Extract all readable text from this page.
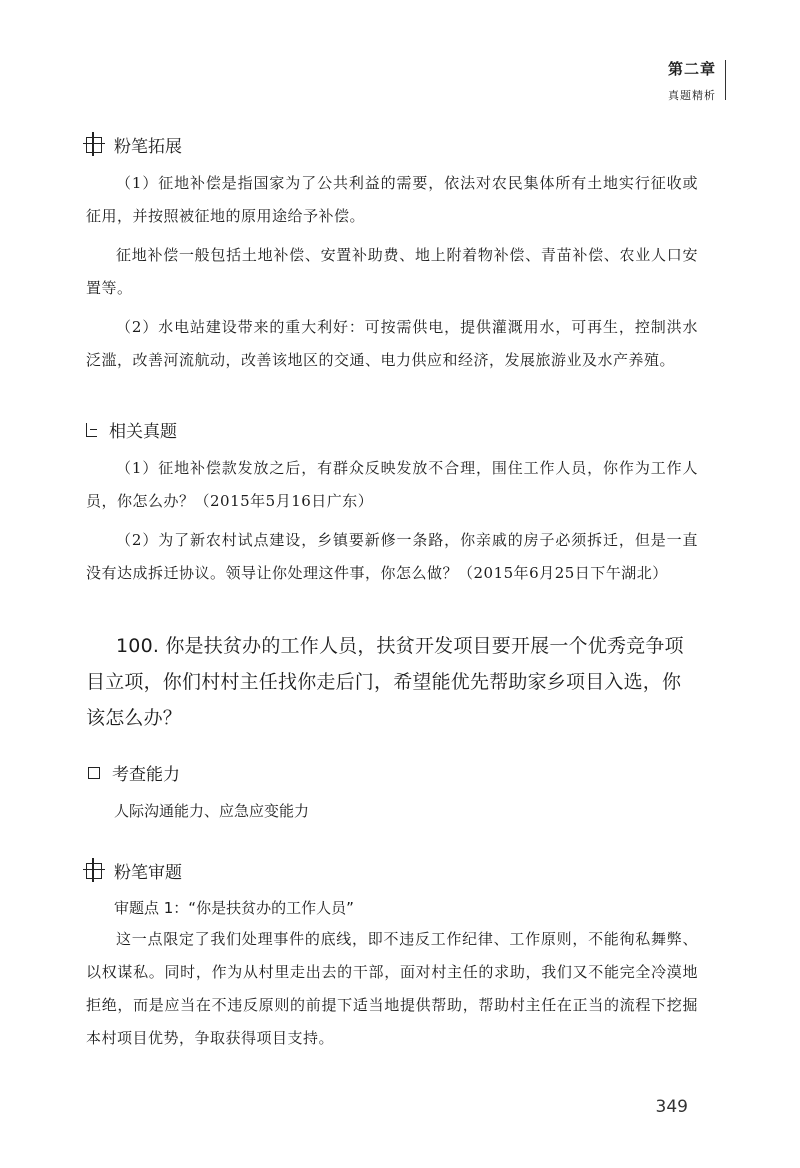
第二章
真题精析
粉笔拓展

（1）征地补偿是指国家为了公共利益的需要，依法对农民集体所有土地实行征收或征用，并按照被征地的原用途给予补偿。

征地补偿一般包括土地补偿、安置补助费、地上附着物补偿、青苗补偿、农业人口安置等。

（2）水电站建设带来的重大利好：可按需供电，提供灌溉用水，可再生，控制洪水泛滥，改善河流航动，改善该地区的交通、电力供应和经济，发展旅游业及水产养殖。

相关真题

（1）征地补偿款发放之后，有群众反映发放不合理，围住工作人员，你作为工作人员，你怎么办？（2015年5月16日广东）

（2）为了新农村试点建设，乡镇要新修一条路，你亲戚的房子必须拆迁，但是一直没有达成拆迁协议。领导让你处理这件事，你怎么做？（2015年6月25日下午湖北）

100. 你是扶贫办的工作人员，扶贫开发项目要开展一个优秀竞争项目立项，你们村村主任找你走后门，希望能优先帮助家乡项目入选，你该怎么办？

考查能力

人际沟通能力、应急应变能力

粉笔审题

审题点 1：“你是扶贫办的工作人员”

这一点限定了我们处理事件的底线，即不违反工作纪律、工作原则，不能徇私舞弊、以权谋私。同时，作为从村里走出去的干部，面对村主任的求助，我们又不能完全冷漠地拒绝，而是应当在不违反原则的前提下适当地提供帮助，帮助村主任在正当的流程下挖掘本村项目优势，争取获得项目支持。

349
